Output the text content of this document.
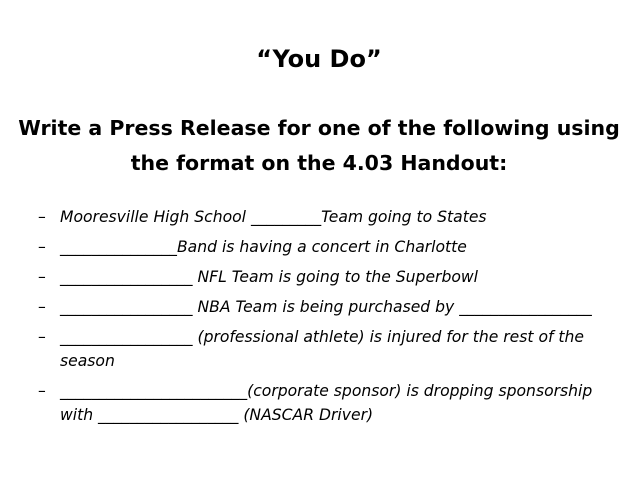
“You Do”
Write a Press Release for one of the following using
the format on the 4.03 Handout:
– Mooresville High School _________Team going to States
– _______________Band is having a concert in Charlotte
– _________________ NFL Team is going to the Superbowl
– _________________ NBA Team is being purchased by _________________
– _________________ (professional athlete) is injured for the rest of the season
– ________________________(corporate sponsor) is dropping sponsorship with __________________ (NASCAR Driver)
